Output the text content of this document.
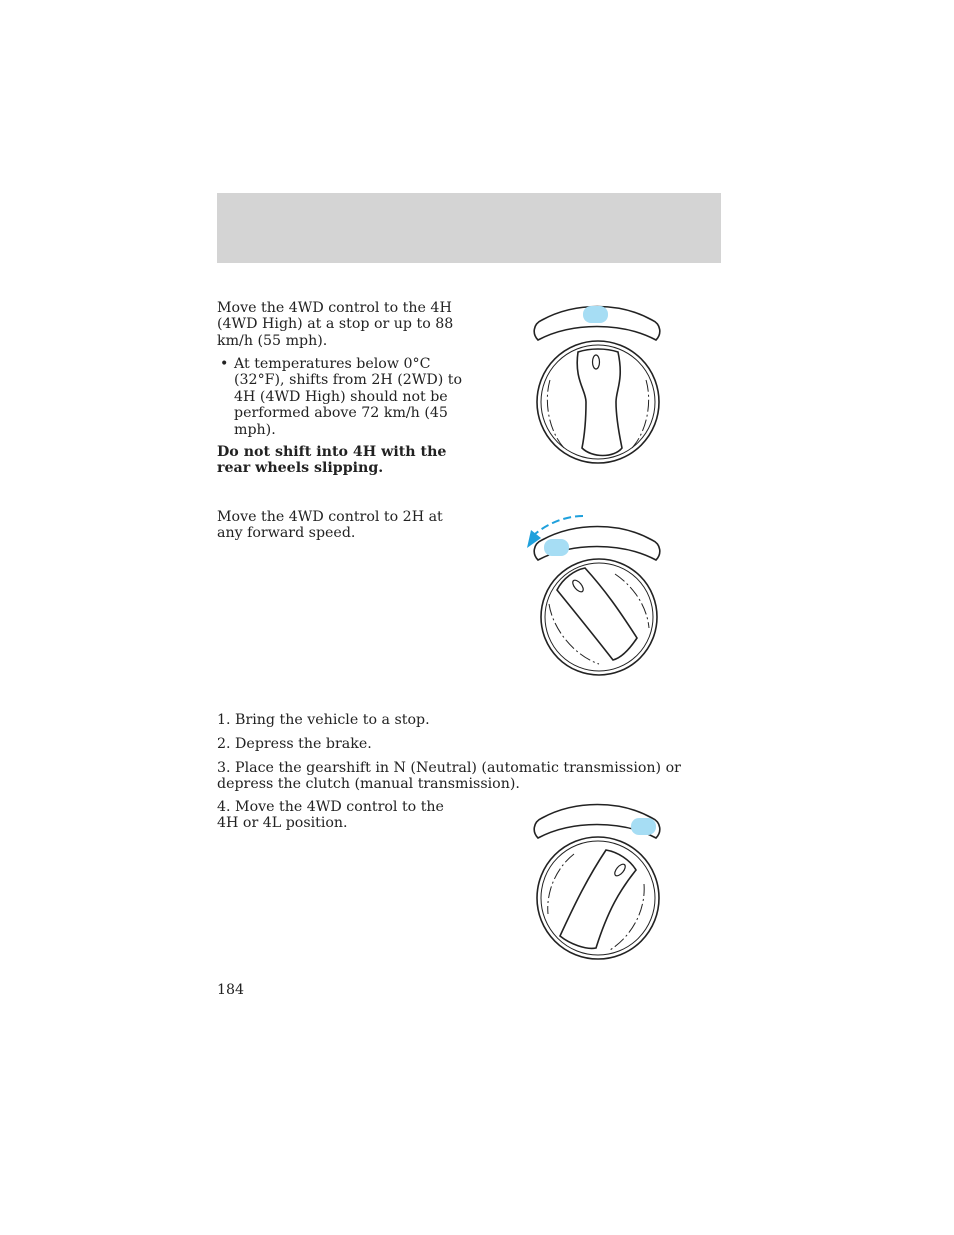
Move the 4WD control to the 4H (4WD High) at a stop or up to 88 km/h (55 mph).

• At temperatures below 0°C (32°F), shifts from 2H (2WD) to 4H (4WD High) should not be performed above 72 km/h (45 mph).

Do not shift into 4H with the rear wheels slipping.

Move the 4WD control to 2H at any forward speed.

1. Bring the vehicle to a stop.

2. Depress the brake.

3. Place the gearshift in N (Neutral) (automatic transmission) or depress the clutch (manual transmission).

4. Move the 4WD control to the 4H or 4L position.

184
